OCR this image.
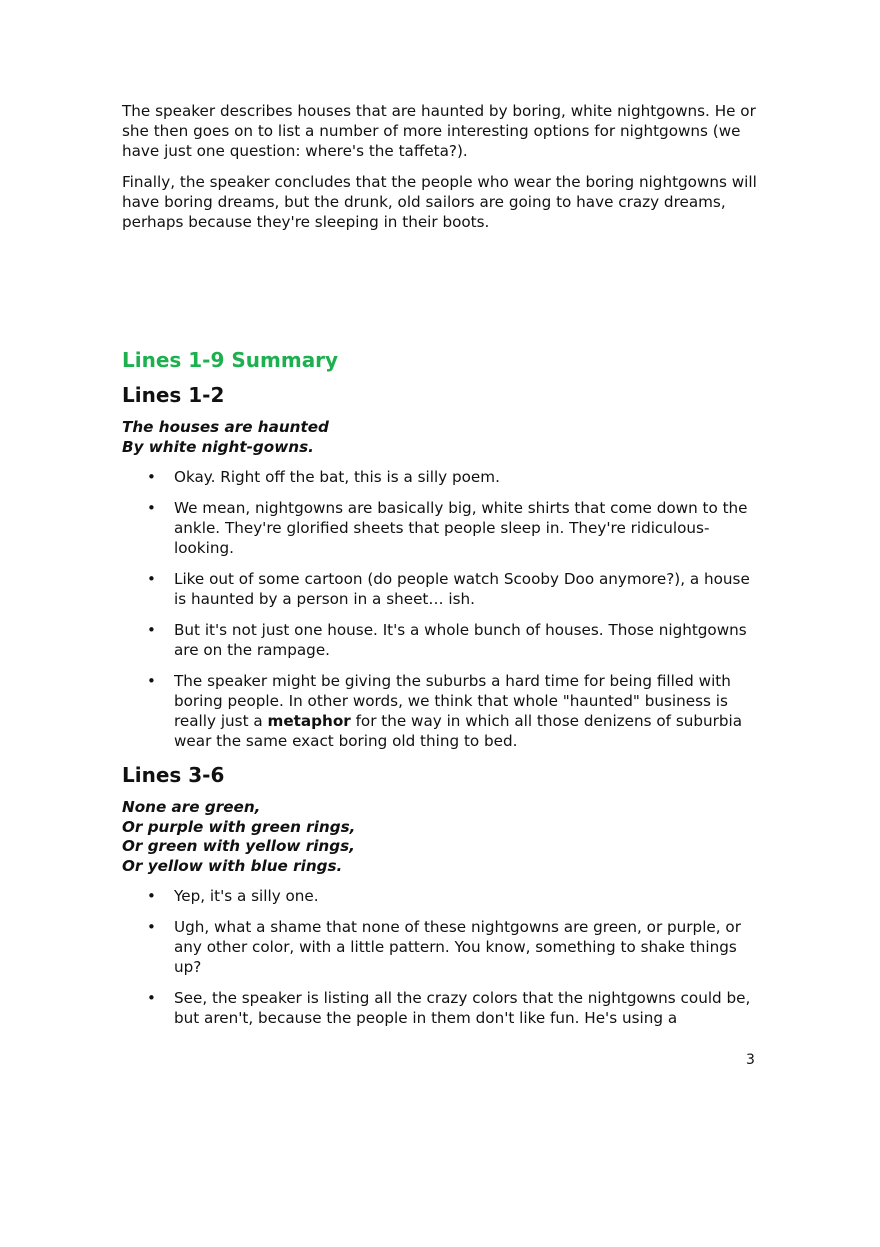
The speaker describes houses that are haunted by boring, white nightgowns. He or she then goes on to list a number of more interesting options for nightgowns (we have just one question: where's the taffeta?).

Finally, the speaker concludes that the people who wear the boring nightgowns will have boring dreams, but the drunk, old sailors are going to have crazy dreams, perhaps because they're sleeping in their boots.

Lines 1-9 Summary
Lines 1-2
The houses are haunted
By white night-gowns.
• Okay. Right off the bat, this is a silly poem.
• We mean, nightgowns are basically big, white shirts that come down to the ankle. They're glorified sheets that people sleep in. They're ridiculous-looking.
• Like out of some cartoon (do people watch Scooby Doo anymore?), a house is haunted by a person in a sheet… ish.
• But it's not just one house. It's a whole bunch of houses. Those nightgowns are on the rampage.
• The speaker might be giving the suburbs a hard time for being filled with boring people. In other words, we think that whole "haunted" business is really just a metaphor for the way in which all those denizens of suburbia wear the same exact boring old thing to bed.
Lines 3-6
None are green,
Or purple with green rings,
Or green with yellow rings,
Or yellow with blue rings.
• Yep, it's a silly one.
• Ugh, what a shame that none of these nightgowns are green, or purple, or any other color, with a little pattern. You know, something to shake things up?
• See, the speaker is listing all the crazy colors that the nightgowns could be, but aren't, because the people in them don't like fun. He's using a
3
